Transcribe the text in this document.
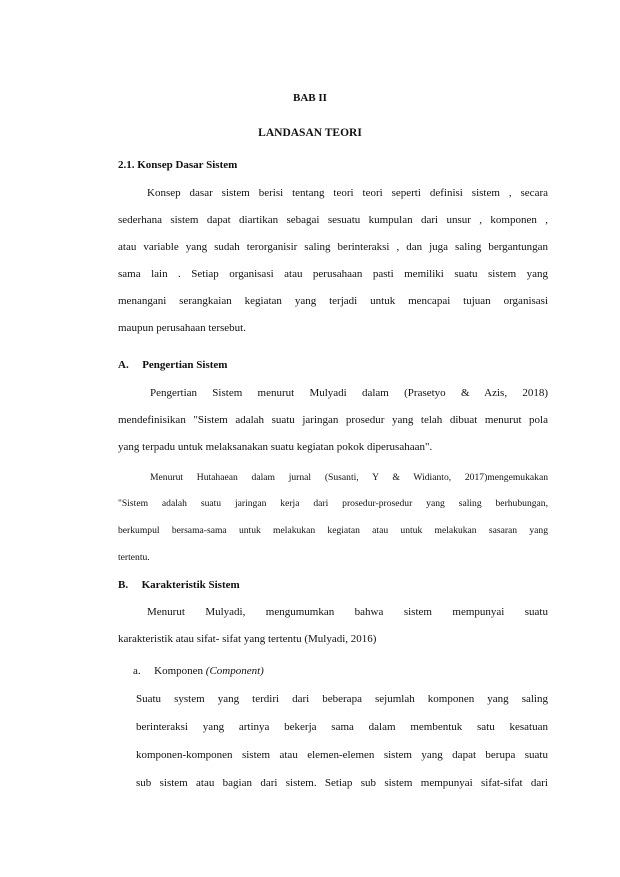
BAB II
LANDASAN TEORI
2.1. Konsep Dasar Sistem
Konsep dasar sistem berisi tentang teori teori seperti definisi sistem , secara
sederhana sistem dapat diartikan sebagai sesuatu kumpulan dari unsur , komponen ,
atau variable yang sudah terorganisir saling berinteraksi , dan juga saling bergantungan
sama lain . Setiap organisasi atau perusahaan pasti memiliki suatu sistem yang
menangani serangkaian kegiatan yang terjadi untuk mencapai tujuan organisasi
maupun perusahaan tersebut.
A. Pengertian Sistem
Pengertian Sistem menurut Mulyadi dalam (Prasetyo & Azis, 2018)
mendefinisikan "Sistem adalah suatu jaringan prosedur yang telah dibuat menurut pola
yang terpadu untuk melaksanakan suatu kegiatan pokok diperusahaan".
Menurut Hutahaean dalam jurnal (Susanti, Y & Widianto, 2017)mengemukakan
"Sistem adalah suatu jaringan kerja dari prosedur-prosedur yang saling berhubungan,
berkumpul bersama-sama untuk melakukan kegiatan atau untuk melakukan sasaran yang
tertentu.
B. Karakteristik Sistem
Menurut Mulyadi, mengumumkan bahwa sistem mempunyai suatu
karakteristik atau sifat- sifat yang tertentu (Mulyadi, 2016)
a. Komponen (Component)
Suatu system yang terdiri dari beberapa sejumlah komponen yang saling
berinteraksi yang artinya bekerja sama dalam membentuk satu kesatuan
komponen-komponen sistem atau elemen-elemen sistem yang dapat berupa suatu
sub sistem atau bagian dari sistem. Setiap sub sistem mempunyai sifat-sifat dari
